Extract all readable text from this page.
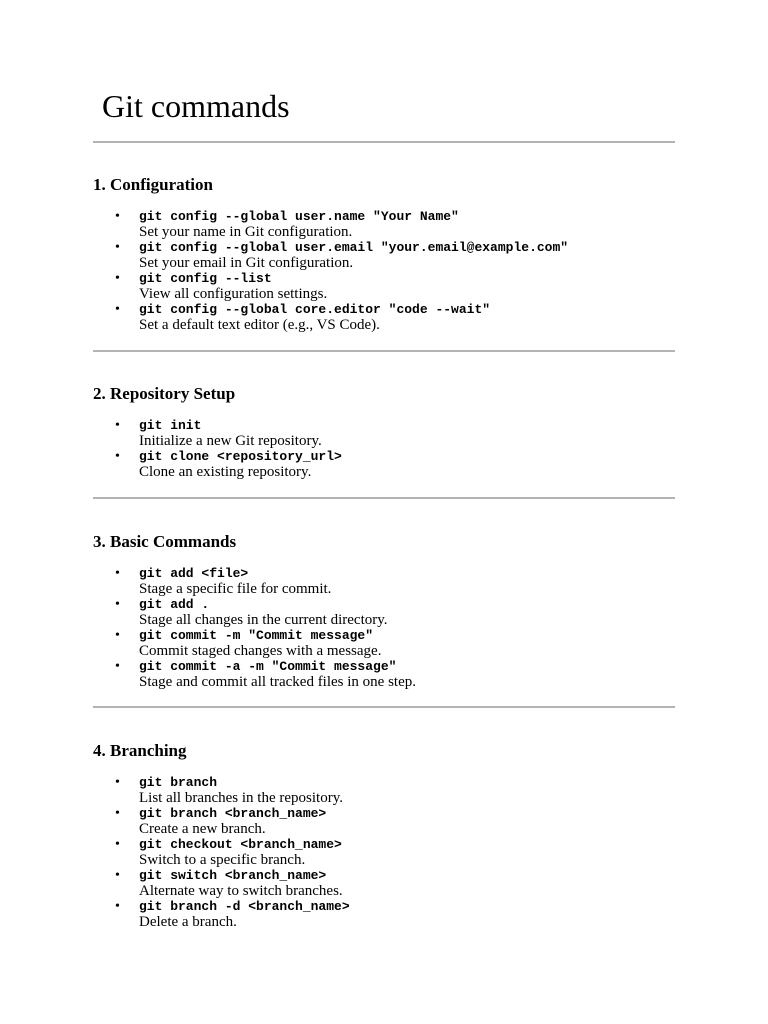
Git commands
1. Configuration
• git config --global user.name "Your Name"
Set your name in Git configuration.
• git config --global user.email "your.email@example.com"
Set your email in Git configuration.
• git config --list
View all configuration settings.
• git config --global core.editor "code --wait"
Set a default text editor (e.g., VS Code).
2. Repository Setup
• git init
Initialize a new Git repository.
• git clone <repository_url>
Clone an existing repository.
3. Basic Commands
• git add <file>
Stage a specific file for commit.
• git add .
Stage all changes in the current directory.
• git commit -m "Commit message"
Commit staged changes with a message.
• git commit -a -m "Commit message"
Stage and commit all tracked files in one step.
4. Branching
• git branch
List all branches in the repository.
• git branch <branch_name>
Create a new branch.
• git checkout <branch_name>
Switch to a specific branch.
• git switch <branch_name>
Alternate way to switch branches.
• git branch -d <branch_name>
Delete a branch.
